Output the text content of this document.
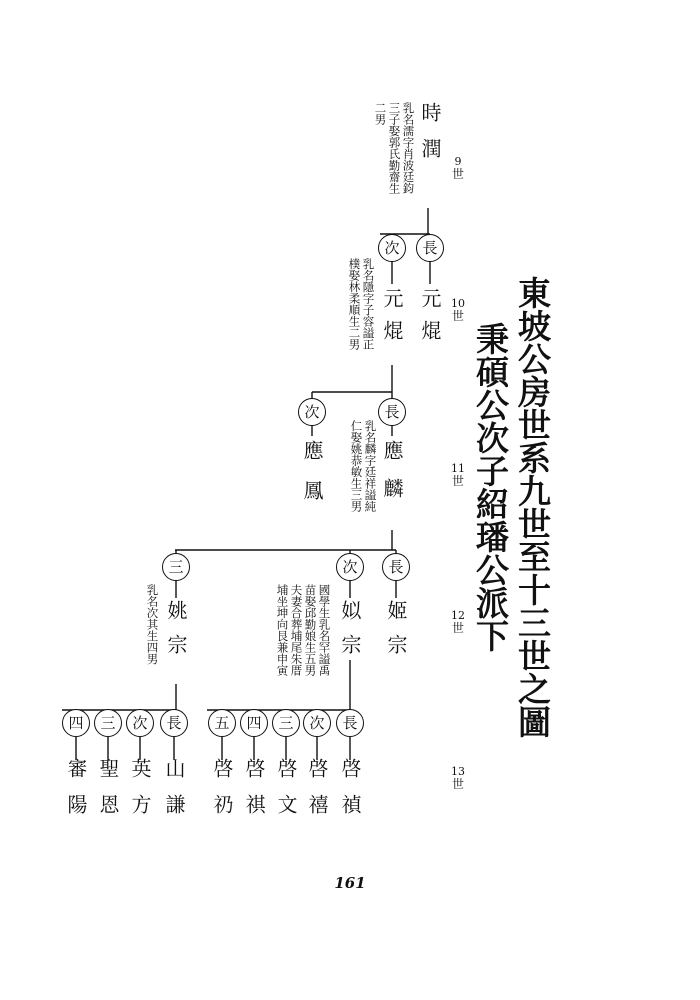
東坡公房世系九世至十三世之圖
秉碩公次子紹璠公派下
9
世
10
世
11
世
12
世
13
世
時潤
乳名濡字肖波廷鈞
三子娶郭氏勤齋生
二男
長
元焜
次
元焜
乳名隱字子容謚正
樸娶林柔順生二男
長
應麟
乳名麟字廷祥謚純
仁娶姚恭敏生三男
次
應鳳
長
姬宗
次
姒宗
國學生乳名罕謚禹
苗娶邱勤娘生五男
夫妻合葬埔尾朱厝
埔坐坤向艮兼申寅
三
姚宗
乳名次其生四男
長
啓禎
次
啓禧
三
啓文
四
啓祺
五
啓礽
長
山謙
次
英方
三
聖恩
四
審陽
161
